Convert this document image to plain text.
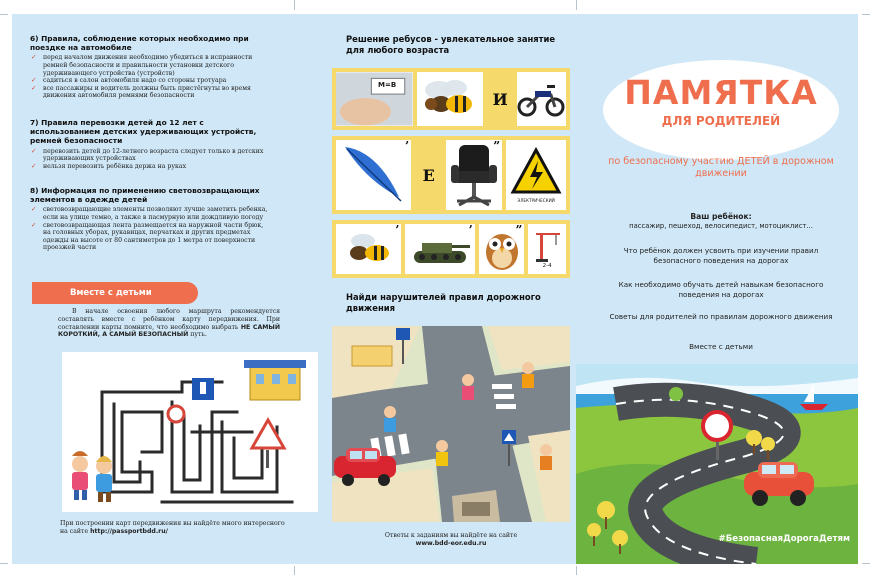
6) Правила, соблюдение которых необходимо при поездке на автомобиле
✓ перед началом движения необходимо убедиться в исправности ремней безопасности и правильности установки детского удерживающего устройства (устройств)
✓ садиться в салон автомобиля надо со стороны тротуара
✓ все пассажиры и водитель должны быть пристёгнуты во время движения автомобиля ремнями безопасности
7) Правила перевозки детей до 12 лет с использованием детских удерживающих устройств, ремней безопасности
✓ перевозить детей до 12-летнего возраста следует только в детских удерживающих устройствах
✓ нельзя перевозить ребёнка держа на руках
8) Информация по применению световозвращающих элементов в одежде детей
✓ световозвращающие элементы позволяют лучше заметить ребенка, если на улице темно, а также в пасмурную или дождливую погоду
✓ световозвращающая лента размещается на наружной части брюк, на головных уборах, рукавицах, перчатках и других предметах одежды на высоте от 80 сантиметров до 1 метра от поверхности проезжей части
Вместе с детьми
В начале освоения любого маршрута рекомендуется составлять вместе с ребёнком карту передвижения. При составлении карты помните, что необходимо выбрать НЕ САМЫЙ КОРОТКИЙ, А САМЫЙ БЕЗОПАСНЫЙ путь.
При построении карт передвижения вы найдёте много интересного на сайте http://passportbdd.ru/
Решение ребусов - увлекательное занятие для любого возраста
М=В
И
’
Е
”
ЭЛЕКТРИЧЕСКИЙ
’	’	”
2-4
Найди нарушителей правил дорожного движения
Ответы к заданиям вы найдёте на сайте
www.bdd-eor.edu.ru
ПАМЯТКА
ДЛЯ РОДИТЕЛЕЙ
по безопасному участию ДЕТЕЙ в дорожном движении
Ваш ребёнок:
пассажир, пешеход, велосипедист, мотоциклист...
Что ребёнок должен усвоить при изучении правил безопасного поведения на дорогах
Как необходимо обучать детей навыкам безопасного поведения на дорогах
Советы для родителей по правилам дорожного движения
Вместе с детьми
#БезопаснаяДорогаДетям
